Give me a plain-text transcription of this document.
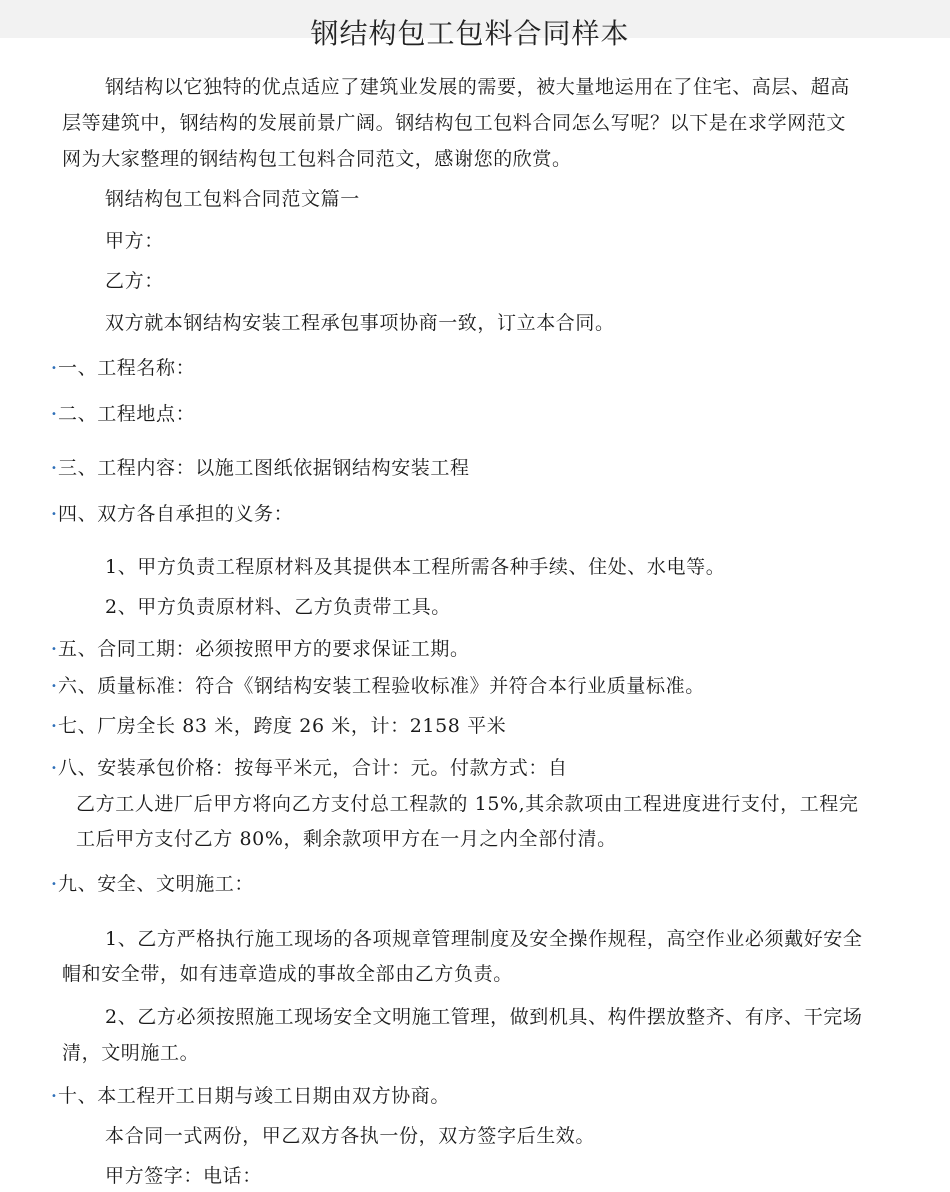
钢结构包工包料合同样本
钢结构以它独特的优点适应了建筑业发展的需要，被大量地运用在了住宅、高层、超高
层等建筑中，钢结构的发展前景广阔。钢结构包工包料合同怎么写呢？以下是在求学网范文
网为大家整理的钢结构包工包料合同范文，感谢您的欣赏。
钢结构包工包料合同范文篇一
甲方：
乙方：
双方就本钢结构安装工程承包事项协商一致，订立本合同。
• 一、工程名称：
• 二、工程地点：
• 三、工程内容：以施工图纸依据钢结构安装工程
• 四、双方各自承担的义务：
1、甲方负责工程原材料及其提供本工程所需各种手续、住处、水电等。
2、甲方负责原材料、乙方负责带工具。
• 五、合同工期：必须按照甲方的要求保证工期。
• 六、质量标准：符合《钢结构安装工程验收标准》并符合本行业质量标准。
• 七、厂房全长 83 米，跨度 26 米，计：2158 平米
• 八、安装承包价格：按每平米元，合计：元。付款方式：自
乙方工人进厂后甲方将向乙方支付总工程款的 15%,其余款项由工程进度进行支付，工程完
工后甲方支付乙方 80%，剩余款项甲方在一月之内全部付清。
• 九、安全、文明施工：
1、乙方严格执行施工现场的各项规章管理制度及安全操作规程，高空作业必须戴好安全
帽和安全带，如有违章造成的事故全部由乙方负责。
2、乙方必须按照施工现场安全文明施工管理，做到机具、构件摆放整齐、有序、干完场
清，文明施工。
• 十、本工程开工日期与竣工日期由双方协商。
本合同一式两份，甲乙双方各执一份，双方签字后生效。
甲方签字：电话：
